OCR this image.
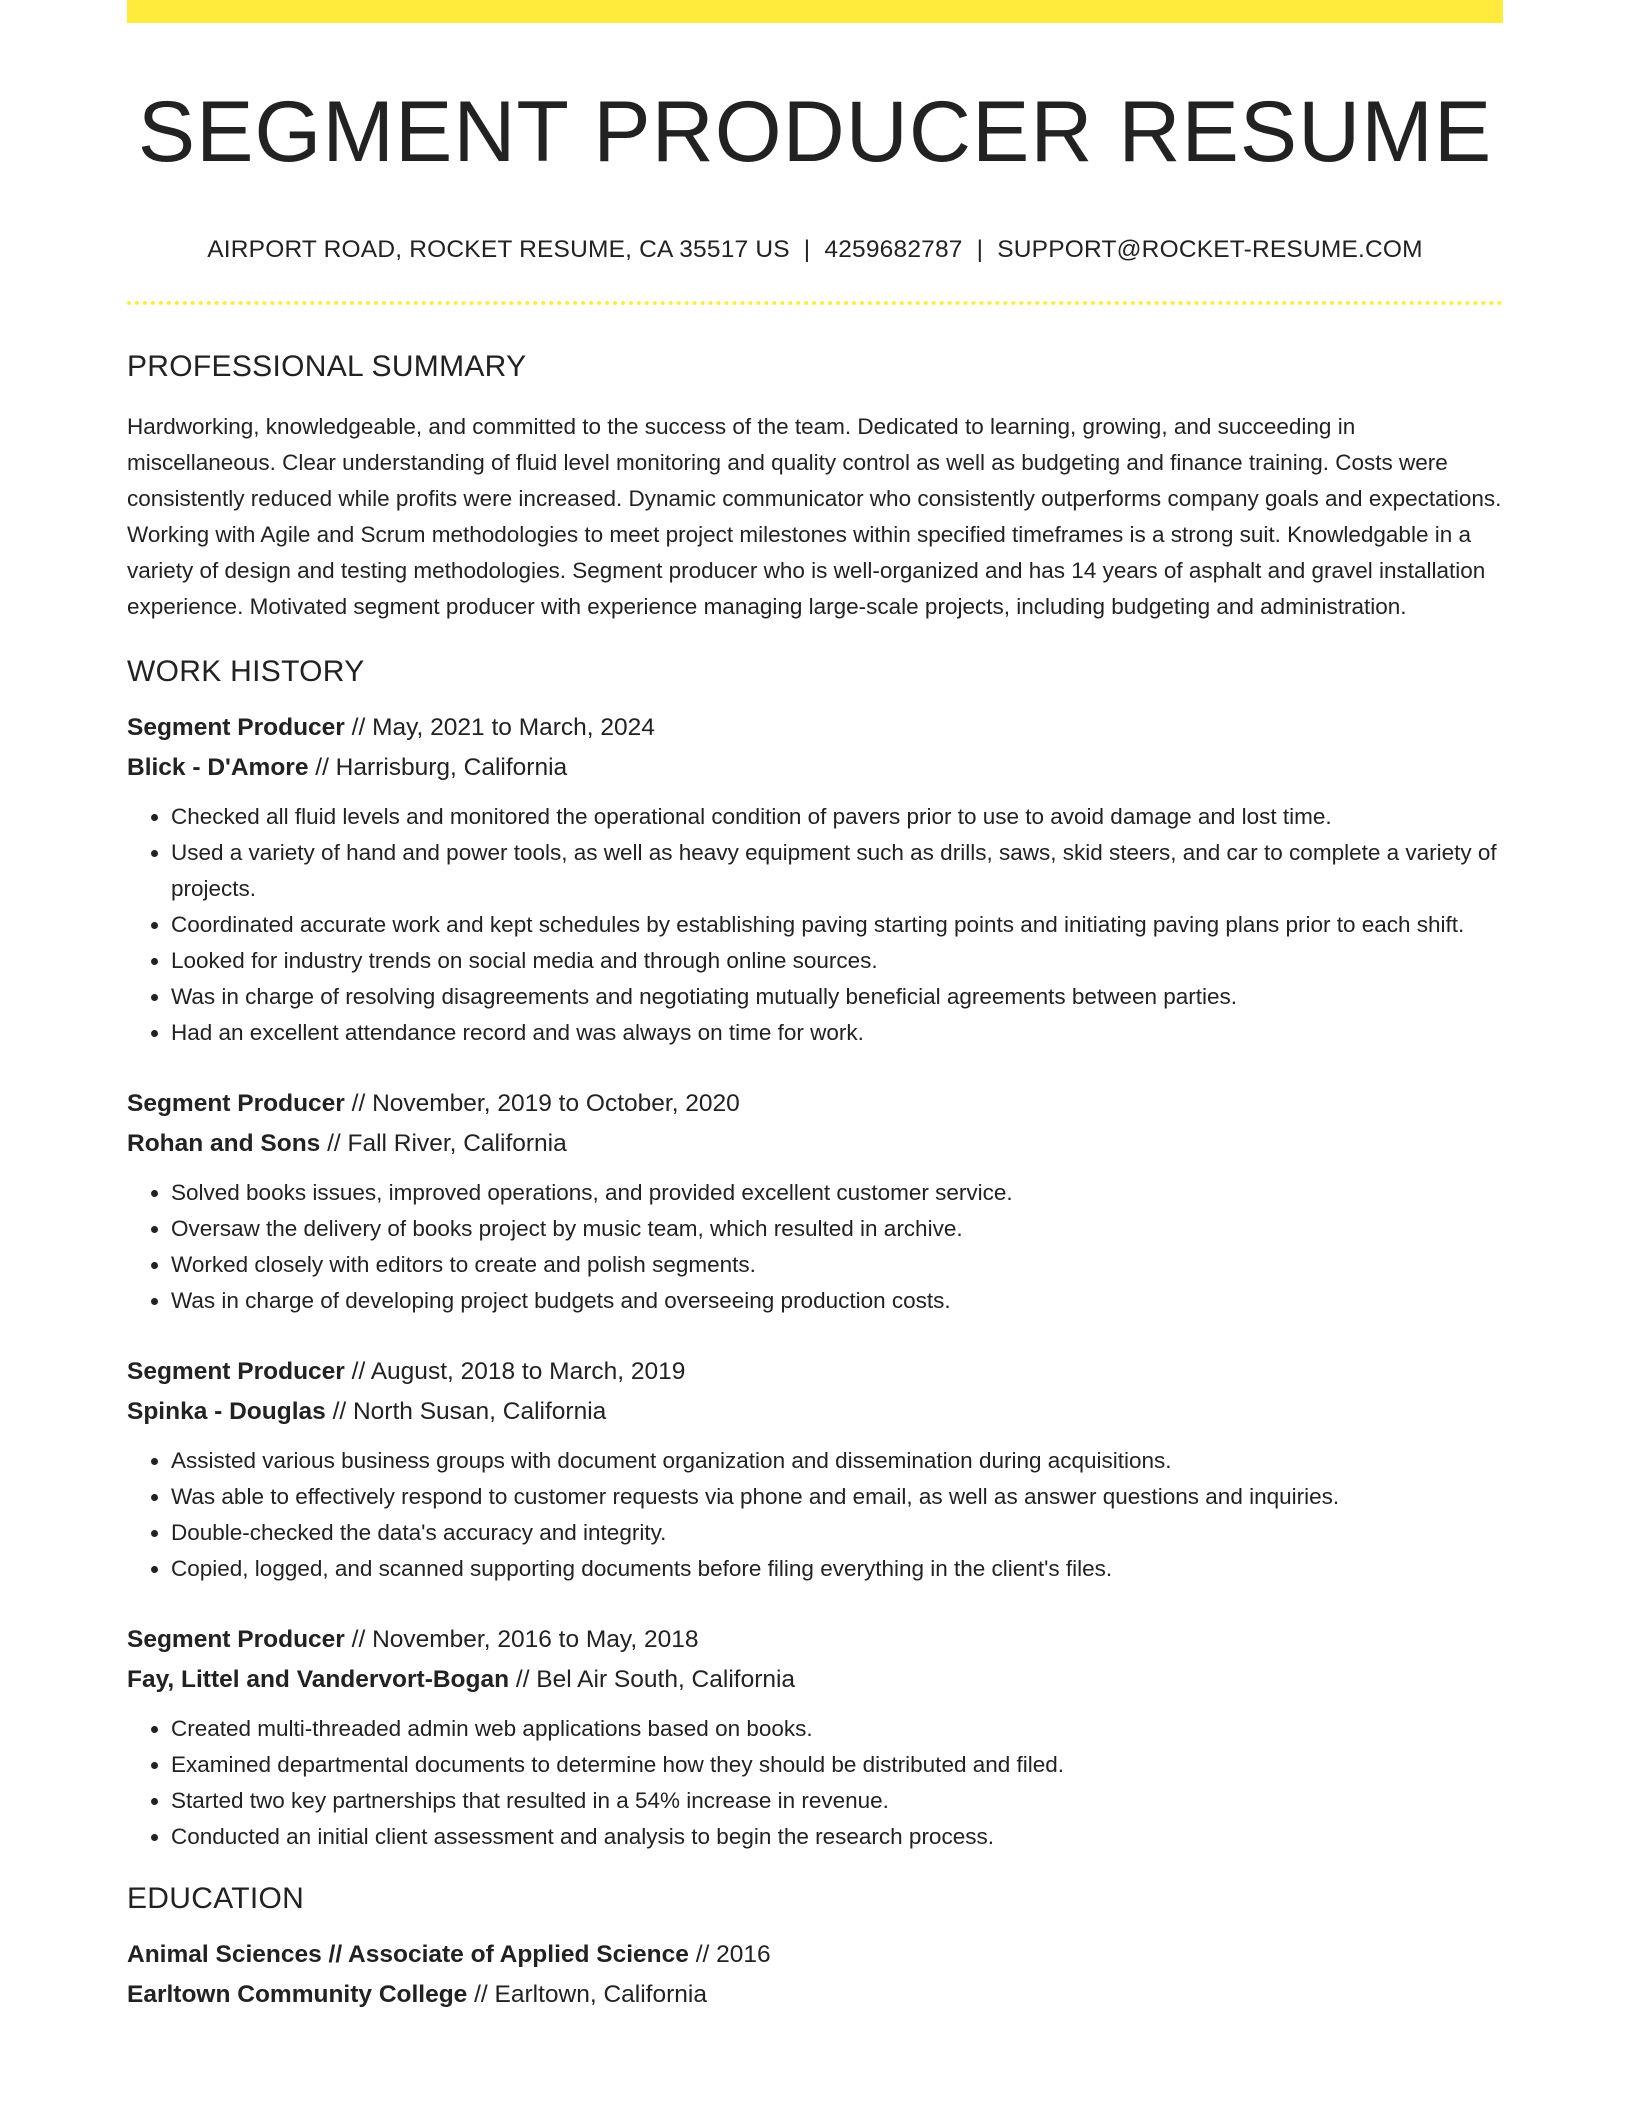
SEGMENT PRODUCER RESUME
AIRPORT ROAD, ROCKET RESUME, CA 35517 US | 4259682787 | SUPPORT@ROCKET-RESUME.COM
PROFESSIONAL SUMMARY
Hardworking, knowledgeable, and committed to the success of the team. Dedicated to learning, growing, and succeeding in miscellaneous. Clear understanding of fluid level monitoring and quality control as well as budgeting and finance training. Costs were consistently reduced while profits were increased. Dynamic communicator who consistently outperforms company goals and expectations. Working with Agile and Scrum methodologies to meet project milestones within specified timeframes is a strong suit. Knowledgable in a variety of design and testing methodologies. Segment producer who is well-organized and has 14 years of asphalt and gravel installation experience. Motivated segment producer with experience managing large-scale projects, including budgeting and administration.
WORK HISTORY
Segment Producer // May, 2021 to March, 2024
Blick - D'Amore // Harrisburg, California
• Checked all fluid levels and monitored the operational condition of pavers prior to use to avoid damage and lost time.
• Used a variety of hand and power tools, as well as heavy equipment such as drills, saws, skid steers, and car to complete a variety of projects.
• Coordinated accurate work and kept schedules by establishing paving starting points and initiating paving plans prior to each shift.
• Looked for industry trends on social media and through online sources.
• Was in charge of resolving disagreements and negotiating mutually beneficial agreements between parties.
• Had an excellent attendance record and was always on time for work.
Segment Producer // November, 2019 to October, 2020
Rohan and Sons // Fall River, California
• Solved books issues, improved operations, and provided excellent customer service.
• Oversaw the delivery of books project by music team, which resulted in archive.
• Worked closely with editors to create and polish segments.
• Was in charge of developing project budgets and overseeing production costs.
Segment Producer // August, 2018 to March, 2019
Spinka - Douglas // North Susan, California
• Assisted various business groups with document organization and dissemination during acquisitions.
• Was able to effectively respond to customer requests via phone and email, as well as answer questions and inquiries.
• Double-checked the data's accuracy and integrity.
• Copied, logged, and scanned supporting documents before filing everything in the client's files.
Segment Producer // November, 2016 to May, 2018
Fay, Littel and Vandervort-Bogan // Bel Air South, California
• Created multi-threaded admin web applications based on books.
• Examined departmental documents to determine how they should be distributed and filed.
• Started two key partnerships that resulted in a 54% increase in revenue.
• Conducted an initial client assessment and analysis to begin the research process.
EDUCATION
Animal Sciences // Associate of Applied Science // 2016
Earltown Community College // Earltown, California
